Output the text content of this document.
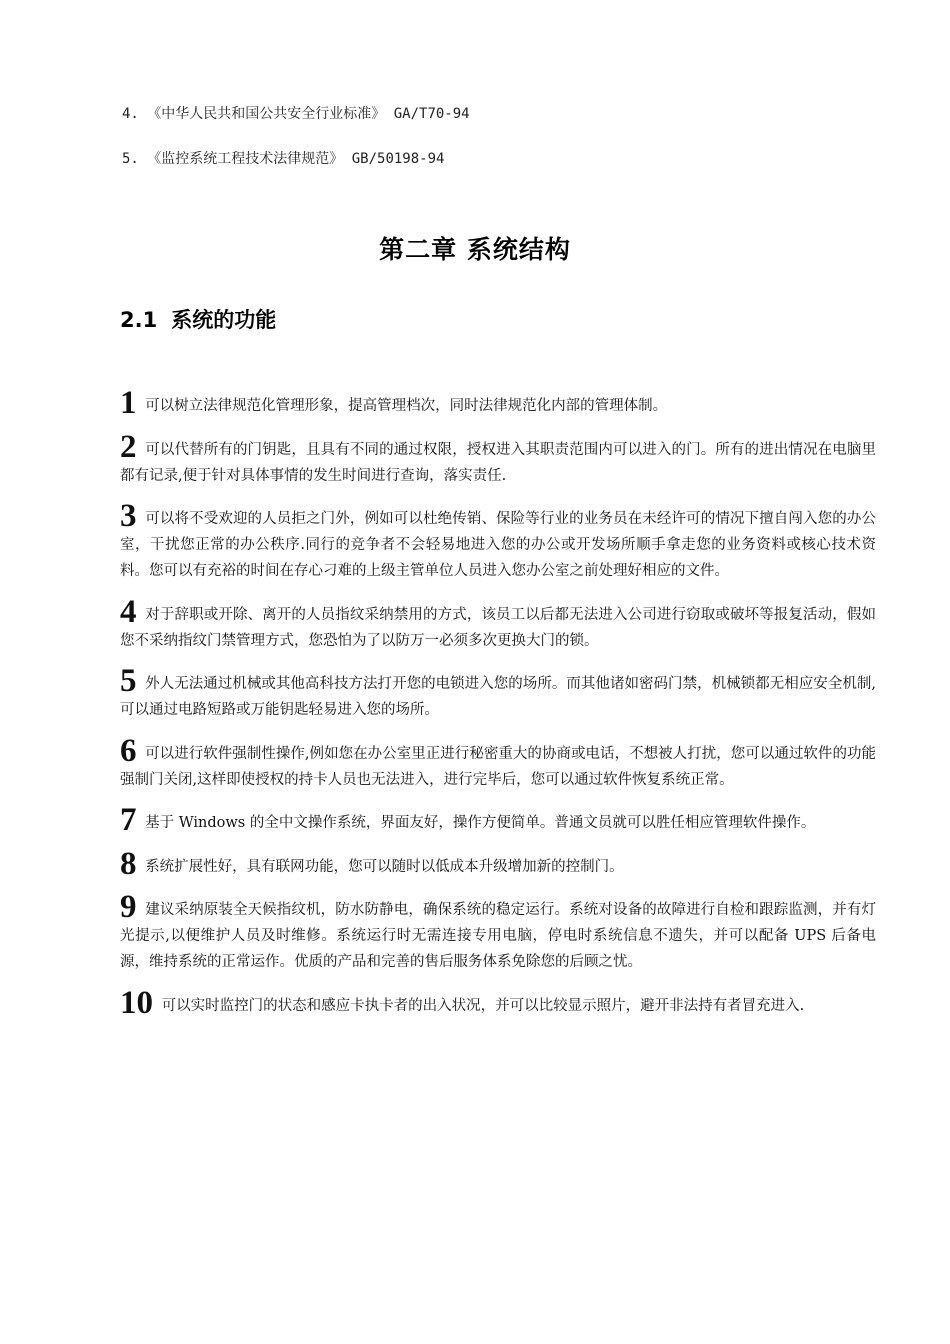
4. 《中华人民共和国公共安全行业标准》 GA/T70-94
5. 《监控系统工程技术法律规范》 GB/50198-94
第二章 系统结构
2.1 系统的功能

1 可以树立法律规范化管理形象，提高管理档次，同时法律规范化内部的管理体制。

2 可以代替所有的门钥匙，且具有不同的通过权限，授权进入其职责范围内可以进入的门。所有的进出情况在电脑里都有记录,便于针对具体事情的发生时间进行查询，落实责任.

3 可以将不受欢迎的人员拒之门外，例如可以杜绝传销、保险等行业的业务员在未经许可的情况下擅自闯入您的办公室，干扰您正常的办公秩序.同行的竞争者不会轻易地进入您的办公或开发场所顺手拿走您的业务资料或核心技术资料。您可以有充裕的时间在存心刁难的上级主管单位人员进入您办公室之前处理好相应的文件。

4 对于辞职或开除、离开的人员指纹采纳禁用的方式，该员工以后都无法进入公司进行窃取或破坏等报复活动，假如您不采纳指纹门禁管理方式，您恐怕为了以防万一必须多次更换大门的锁。

5 外人无法通过机械或其他高科技方法打开您的电锁进入您的场所。而其他诸如密码门禁，机械锁都无相应安全机制,可以通过电路短路或万能钥匙轻易进入您的场所。

6 可以进行软件强制性操作,例如您在办公室里正进行秘密重大的协商或电话，不想被人打扰，您可以通过软件的功能强制门关闭,这样即使授权的持卡人员也无法进入，进行完毕后，您可以通过软件恢复系统正常。

7 基于 Windows 的全中文操作系统，界面友好，操作方便简单。普通文员就可以胜任相应管理软件操作。

8 系统扩展性好，具有联网功能，您可以随时以低成本升级增加新的控制门。

9 建议采纳原装全天候指纹机，防水防静电，确保系统的稳定运行。系统对设备的故障进行自检和跟踪监测，并有灯光提示,以便维护人员及时维修。系统运行时无需连接专用电脑，停电时系统信息不遗失，并可以配备 UPS 后备电源，维持系统的正常运作。优质的产品和完善的售后服务体系免除您的后顾之忧。

10 可以实时监控门的状态和感应卡执卡者的出入状况，并可以比较显示照片，避开非法持有者冒充进入.
